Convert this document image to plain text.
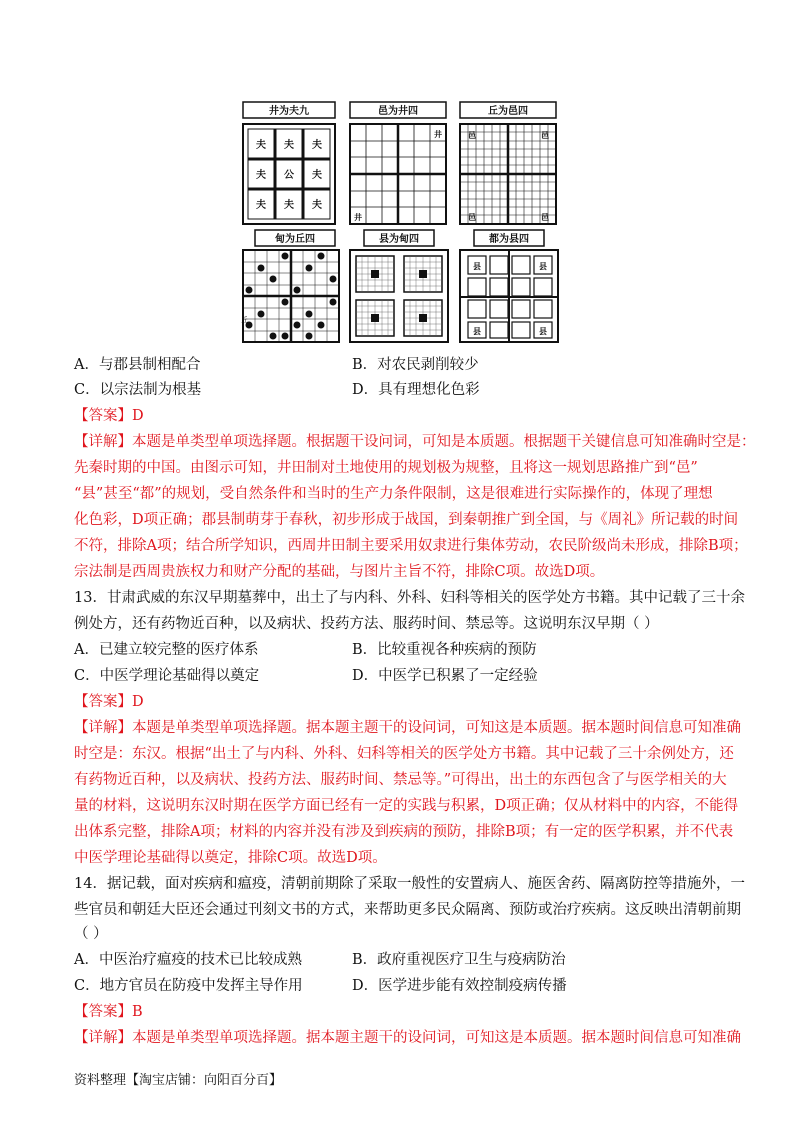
井为夫九
夫 夫 夫
夫 公 夫
夫 夫 夫
邑为井四
井
井
丘为邑四
邑	邑
邑	邑
甸为丘四
丘
县为甸四	都为县四
县	县
县	县
A．与郡县制相配合	B．对农民剥削较少
C．以宗法制为根基	D．具有理想化色彩
【答案】D
【详解】本题是单类型单项选择题。根据题干设问词，可知是本质题。根据题干关键信息可知准确时空是：
先秦时期的中国。由图示可知，井田制对土地使用的规划极为规整，且将这一规划思路推广到“邑”
“县”甚至“都”的规划，受自然条件和当时的生产力条件限制，这是很难进行实际操作的，体现了理想
化色彩，D项正确；郡县制萌芽于春秋，初步形成于战国，到秦朝推广到全国，与《周礼》所记载的时间
不符，排除A项；结合所学知识，西周井田制主要采用奴隶进行集体劳动，农民阶级尚未形成，排除B项；
宗法制是西周贵族权力和财产分配的基础，与图片主旨不符，排除C项。故选D项。
13．甘肃武威的东汉早期墓葬中，出土了与内科、外科、妇科等相关的医学处方书籍。其中记载了三十余
例处方，还有药物近百种，以及病状、投药方法、服药时间、禁忌等。这说明东汉早期（ ）
A．已建立较完整的医疗体系	B．比较重视各种疾病的预防
C．中医学理论基础得以奠定	D．中医学已积累了一定经验
【答案】D
【详解】本题是单类型单项选择题。据本题主题干的设问词，可知这是本质题。据本题时间信息可知准确
时空是：东汉。根据“出土了与内科、外科、妇科等相关的医学处方书籍。其中记载了三十余例处方，还
有药物近百种，以及病状、投药方法、服药时间、禁忌等。”可得出，出土的东西包含了与医学相关的大
量的材料，这说明东汉时期在医学方面已经有一定的实践与积累，D项正确；仅从材料中的内容，不能得
出体系完整，排除A项；材料的内容并没有涉及到疾病的预防，排除B项；有一定的医学积累，并不代表
中医学理论基础得以奠定，排除C项。故选D项。
14．据记载，面对疾病和瘟疫，清朝前期除了采取一般性的安置病人、施医舍药、隔离防控等措施外，一
些官员和朝廷大臣还会通过刊刻文书的方式，来帮助更多民众隔离、预防或治疗疾病。这反映出清朝前期
（ ）
A．中医治疗瘟疫的技术已比较成熟	B．政府重视医疗卫生与疫病防治
C．地方官员在防疫中发挥主导作用	D．医学进步能有效控制疫病传播
【答案】B
【详解】本题是单类型单项选择题。据本题主题干的设问词，可知这是本质题。据本题时间信息可知准确
资料整理【淘宝店铺：向阳百分百】
